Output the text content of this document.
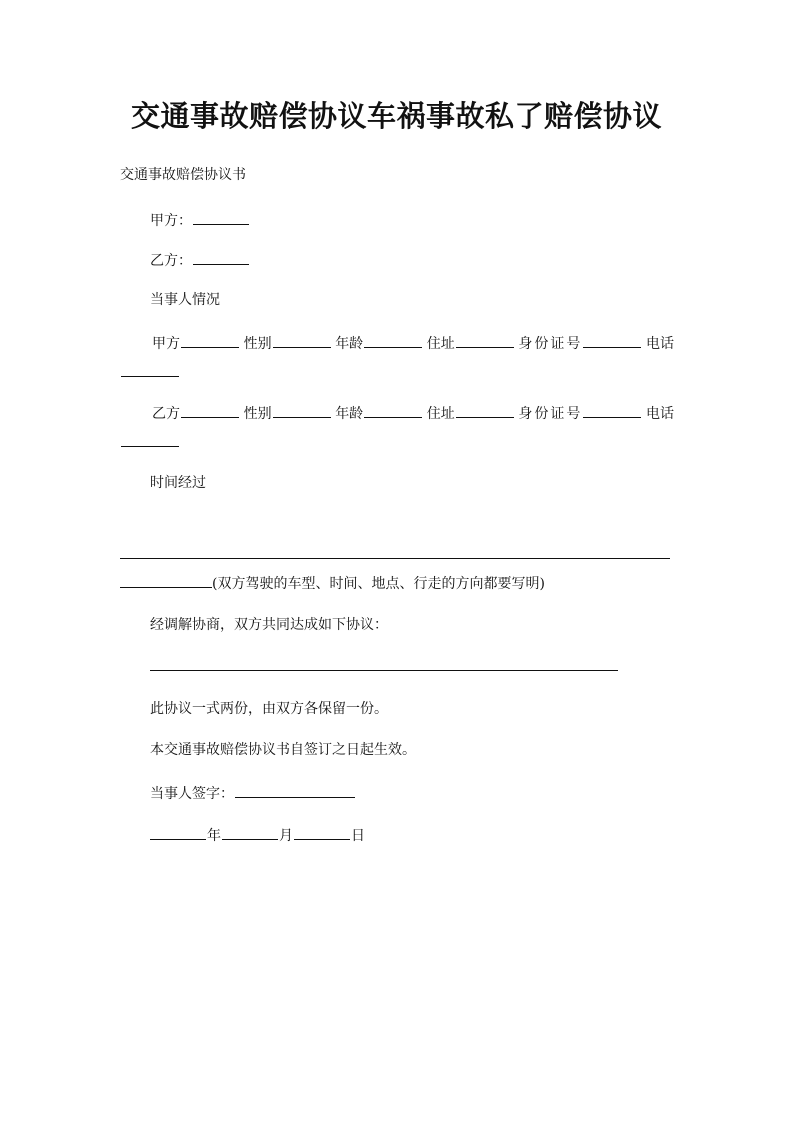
交通事故赔偿协议车祸事故私了赔偿协议
交通事故赔偿协议书
甲方：
乙方：
当事人情况
甲方	性别	年龄	住址	身份证号	电话
乙方	性别	年龄	住址	身份证号	电话
时间经过
(双方驾驶的车型、时间、地点、行走的方向都要写明)
经调解协商，双方共同达成如下协议：
此协议一式两份，由双方各保留一份。
本交通事故赔偿协议书自签订之日起生效。
当事人签字：
年	月	日
